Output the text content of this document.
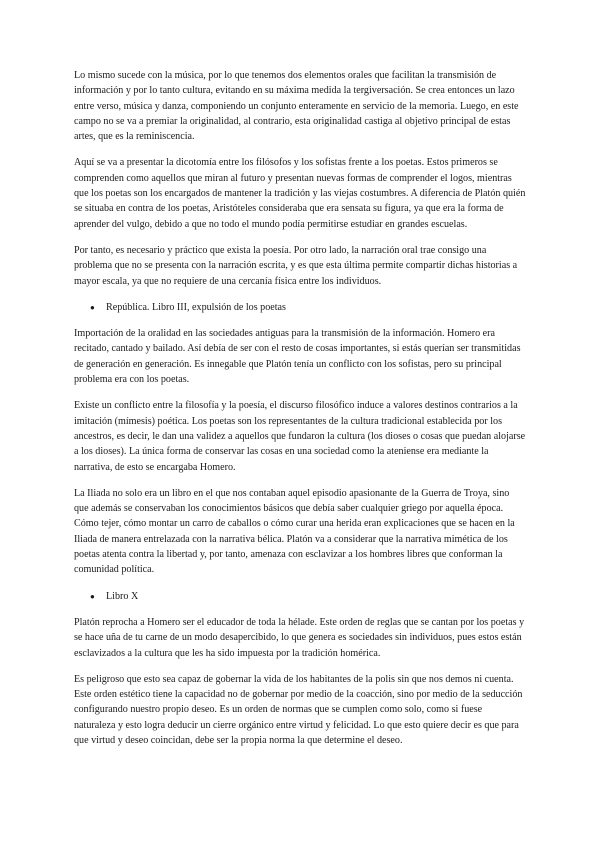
Lo mismo sucede con la música, por lo que tenemos dos elementos orales que facilitan la transmisión de información y por lo tanto cultura, evitando en su máxima medida la tergiversación. Se crea entonces un lazo entre verso, música y danza, componiendo un conjunto enteramente en servicio de la memoria. Luego, en este campo no se va a premiar la originalidad, al contrario, esta originalidad castiga al objetivo principal de estas artes, que es la reminiscencia.

Aquí se va a presentar la dicotomía entre los filósofos y los sofistas frente a los poetas. Estos primeros se comprenden como aquellos que miran al futuro y presentan nuevas formas de comprender el logos, mientras que los poetas son los encargados de mantener la tradición y las viejas costumbres. A diferencia de Platón quién se situaba en contra de los poetas, Aristóteles consideraba que era sensata su figura, ya que era la forma de aprender del vulgo, debido a que no todo el mundo podía permitirse estudiar en grandes escuelas.

Por tanto, es necesario y práctico que exista la poesía. Por otro lado, la narración oral trae consigo una problema que no se presenta con la narración escrita, y es que esta última permite compartir dichas historias a mayor escala, ya que no requiere de una cercanía física entre los individuos.

●	República. Libro III, expulsión de los poetas

Importación de la oralidad en las sociedades antiguas para la transmisión de la información. Homero era recitado, cantado y bailado. Así debía de ser con el resto de cosas importantes, si estás querían ser transmitidas de generación en generación. Es innegable que Platón tenía un conflicto con los sofistas, pero su principal problema era con los poetas.

Existe un conflicto entre la filosofía y la poesía, el discurso filosófico induce a valores destinos contrarios a la imitación (mímesis) poética. Los poetas son los representantes de la cultura tradicional establecida por los ancestros, es decir, le dan una validez a aquellos que fundaron la cultura (los dioses o cosas que puedan alojarse a los dioses). La única forma de conservar las cosas en una sociedad como la ateniense era mediante la narrativa, de esto se encargaba Homero.

La Iliada no solo era un libro en el que nos contaban aquel episodio apasionante de la Guerra de Troya, sino que además se conservaban los conocimientos básicos que debía saber cualquier griego por aquella época. Cómo tejer, cómo montar un carro de caballos o cómo curar una herida eran explicaciones que se hacen en la Iliada de manera entrelazada con la narrativa bélica. Platón va a considerar que la narrativa mimética de los poetas atenta contra la libertad y, por tanto, amenaza con esclavizar a los hombres libres que conforman la comunidad política.

●	Libro X

Platón reprocha a Homero ser el educador de toda la hélade. Este orden de reglas que se cantan por los poetas y se hace uña de tu carne de un modo desapercibido, lo que genera es sociedades sin individuos, pues estos están esclavizados a la cultura que les ha sido impuesta por la tradición homérica.

Es peligroso que esto sea capaz de gobernar la vida de los habitantes de la polis sin que nos demos ni cuenta. Este orden estético tiene la capacidad no de gobernar por medio de la coacción, sino por medio de la seducción configurando nuestro propio deseo. Es un orden de normas que se cumplen como solo, como si fuese naturaleza y esto logra deducir un cierre orgánico entre virtud y felicidad. Lo que esto quiere decir es que para que virtud y deseo coincidan, debe ser la propia norma la que determine el deseo.
